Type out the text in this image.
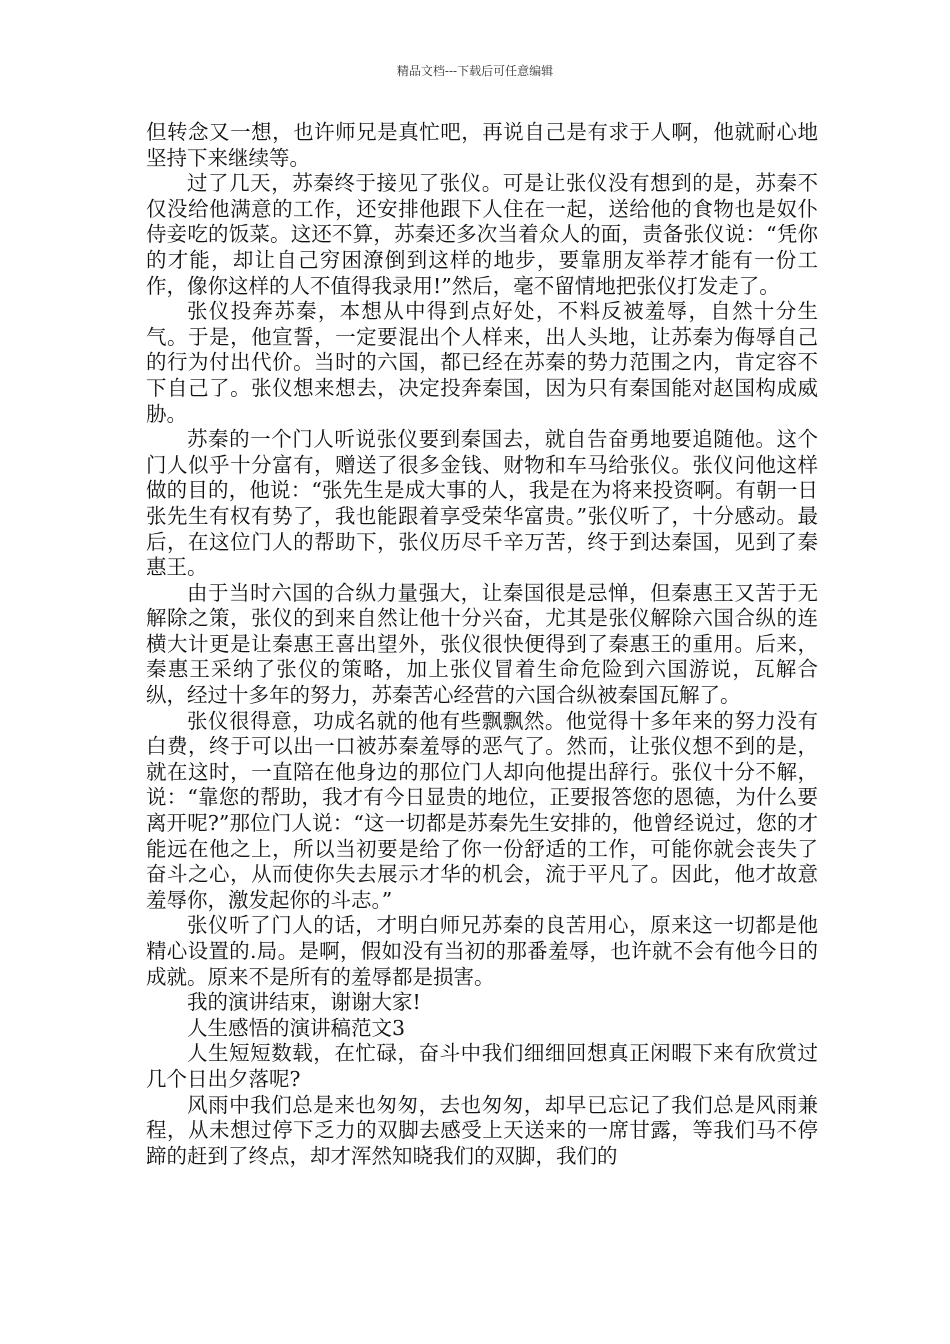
精品文档---下载后可任意编辑

但转念又一想，也许师兄是真忙吧，再说自己是有求于人啊，他就耐心地坚持下来继续等。

过了几天，苏秦终于接见了张仪。可是让张仪没有想到的是，苏秦不仅没给他满意的工作，还安排他跟下人住在一起，送给他的食物也是奴仆侍妾吃的饭菜。这还不算，苏秦还多次当着众人的面，责备张仪说：“凭你的才能，却让自己穷困潦倒到这样的地步，要靠朋友举荐才能有一份工作，像你这样的人不值得我录用!”然后，毫不留情地把张仪打发走了。

张仪投奔苏秦，本想从中得到点好处，不料反被羞辱，自然十分生气。于是，他宣誓，一定要混出个人样来，出人头地，让苏秦为侮辱自己的行为付出代价。当时的六国，都已经在苏秦的势力范围之内，肯定容不下自己了。张仪想来想去，决定投奔秦国，因为只有秦国能对赵国构成威胁。

苏秦的一个门人听说张仪要到秦国去，就自告奋勇地要追随他。这个门人似乎十分富有，赠送了很多金钱、财物和车马给张仪。张仪问他这样做的目的，他说：“张先生是成大事的人，我是在为将来投资啊。有朝一日张先生有权有势了，我也能跟着享受荣华富贵。”张仪听了，十分感动。最后，在这位门人的帮助下，张仪历尽千辛万苦，终于到达秦国，见到了秦惠王。

由于当时六国的合纵力量强大，让秦国很是忌惮，但秦惠王又苦于无解除之策，张仪的到来自然让他十分兴奋，尤其是张仪解除六国合纵的连横大计更是让秦惠王喜出望外，张仪很快便得到了秦惠王的重用。后来，秦惠王采纳了张仪的策略，加上张仪冒着生命危险到六国游说，瓦解合纵，经过十多年的努力，苏秦苦心经营的六国合纵被秦国瓦解了。

张仪很得意，功成名就的他有些飘飘然。他觉得十多年来的努力没有白费，终于可以出一口被苏秦羞辱的恶气了。然而，让张仪想不到的是，就在这时，一直陪在他身边的那位门人却向他提出辞行。张仪十分不解，说：“靠您的帮助，我才有今日显贵的地位，正要报答您的恩德，为什么要离开呢?”那位门人说：“这一切都是苏秦先生安排的，他曾经说过，您的才能远在他之上，所以当初要是给了你一份舒适的工作，可能你就会丧失了奋斗之心，从而使你失去展示才华的机会，流于平凡了。因此，他才故意羞辱你，激发起你的斗志。”

张仪听了门人的话，才明白师兄苏秦的良苦用心，原来这一切都是他精心设置的.局。是啊，假如没有当初的那番羞辱，也许就不会有他今日的成就。原来不是所有的羞辱都是损害。

我的演讲结束，谢谢大家!

人生感悟的演讲稿范文3

人生短短数载，在忙碌，奋斗中我们细细回想真正闲暇下来有欣赏过几个日出夕落呢?

风雨中我们总是来也匆匆，去也匆匆，却早已忘记了我们总是风雨兼程，从未想过停下乏力的双脚去感受上天送来的一席甘露，等我们马不停蹄的赶到了终点，却才浑然知晓我们的双脚，我们的
